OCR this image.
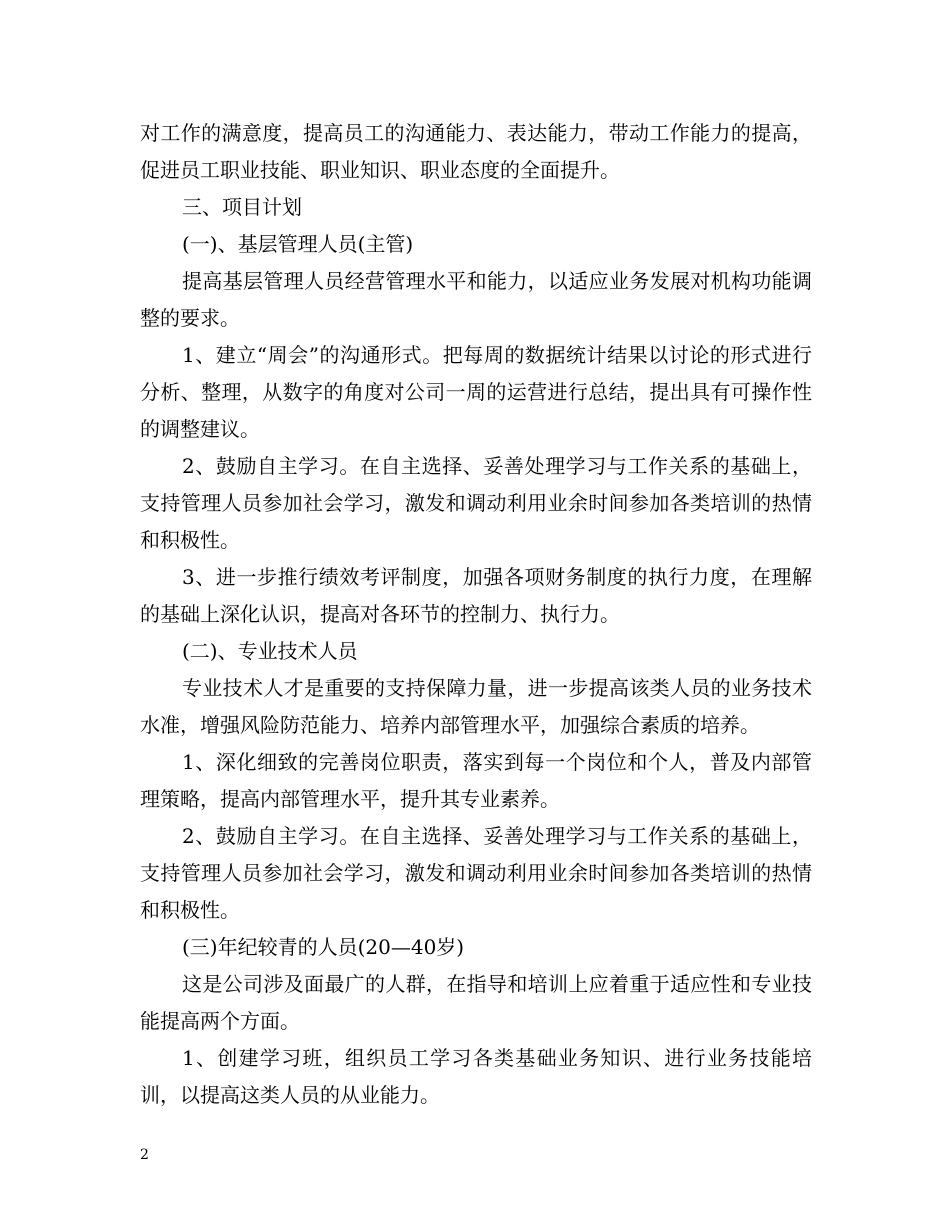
对工作的满意度，提高员工的沟通能力、表达能力，带动工作能力的提高，促进员工职业技能、职业知识、职业态度的全面提升。

三、项目计划

(一)、基层管理人员(主管)

提高基层管理人员经营管理水平和能力，以适应业务发展对机构功能调整的要求。

1、建立“周会”的沟通形式。把每周的数据统计结果以讨论的形式进行分析、整理，从数字的角度对公司一周的运营进行总结，提出具有可操作性的调整建议。

2、鼓励自主学习。在自主选择、妥善处理学习与工作关系的基础上，支持管理人员参加社会学习，激发和调动利用业余时间参加各类培训的热情和积极性。

3、进一步推行绩效考评制度，加强各项财务制度的执行力度，在理解的基础上深化认识，提高对各环节的控制力、执行力。

(二)、专业技术人员

专业技术人才是重要的支持保障力量，进一步提高该类人员的业务技术水准，增强风险防范能力、培养内部管理水平，加强综合素质的培养。

1、深化细致的完善岗位职责，落实到每一个岗位和个人，普及内部管理策略，提高内部管理水平，提升其专业素养。

2、鼓励自主学习。在自主选择、妥善处理学习与工作关系的基础上，支持管理人员参加社会学习，激发和调动利用业余时间参加各类培训的热情和积极性。

(三)年纪较青的人员(20—40岁)

这是公司涉及面最广的人群，在指导和培训上应着重于适应性和专业技能提高两个方面。

1、创建学习班，组织员工学习各类基础业务知识、进行业务技能培训，以提高这类人员的从业能力。

2
